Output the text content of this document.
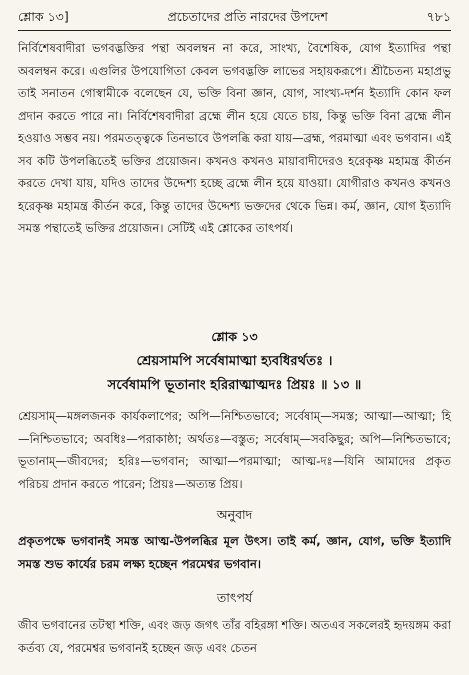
শ্লোক ১৩]	প্রচেতাদের প্রতি নারদের উপদেশ	৭৮১

নির্বিশেষবাদীরা ভগবদ্ভক্তির পন্থা অবলম্বন না করে, সাংখ্য, বৈশেষিক, যোগ ইত্যাদির পন্থা অবলম্বন করে। এগুলির উপযোগিতা কেবল ভগবদ্ভক্তি লাভের সহায়করূপে। শ্রীচৈতন্য মহাপ্রভু তাই সনাতন গোস্বামীকে বলেছেন যে, ভক্তি বিনা জ্ঞান, যোগ, সাংখ্য-দর্শন ইত্যাদি কোন ফল প্রদান করতে পারে না। নির্বিশেষবাদীরা ব্রহ্মে লীন হয়ে যেতে চায়, কিন্তু ভক্তি বিনা ব্রহ্মে লীন হওয়াও সম্ভব নয়। পরমতত্ত্বকে তিনভাবে উপলব্ধি করা যায়—ব্রহ্ম, পরমাত্মা এবং ভগবান। এই সব কটি উপলব্ধিতেই ভক্তির প্রয়োজন। কখনও কখনও মায়াবাদীদেরও হরেকৃষ্ণ মহামন্ত্র কীর্তন করতে দেখা যায়, যদিও তাদের উদ্দেশ্য হচ্ছে ব্রহ্মে লীন হয়ে যাওয়া। যোগীরাও কখনও কখনও হরেকৃষ্ণ মহামন্ত্র কীর্তন করে, কিন্তু তাদের উদ্দেশ্য ভক্তদের থেকে ভিন্ন। কর্ম, জ্ঞান, যোগ ইত্যাদি সমস্ত পন্থাতেই ভক্তির প্রয়োজন। সেটিই এই শ্লোকের তাৎপর্য।

শ্লোক ১৩

শ্রেয়সামপি সর্বেষামাত্মা হ্যবধিরর্থতঃ ।

সর্বেষামপি ভূতানাং হরিরাত্মাত্মদঃ প্রিয়ঃ ॥ ১৩ ॥

শ্রেয়সাম্—মঙ্গলজনক কার্যকলাপের; অপি—নিশ্চিতভাবে; সর্বেষাম্—সমস্ত; আত্মা—আত্মা; হি—নিশ্চিতভাবে; অবধিঃ—পরাকাষ্ঠা; অর্থতঃ—বস্তুত; সর্বেষাম্—সবকিছুর; অপি—নিশ্চিতভাবে; ভূতানাম্—জীবদের; হরিঃ—ভগবান; আত্মা—পরমাত্মা; আত্ম-দঃ—যিনি আমাদের প্রকৃত পরিচয় প্রদান করতে পারেন; প্রিয়ঃ—অত্যন্ত প্রিয়।

অনুবাদ

প্রকৃতপক্ষে ভগবানই সমস্ত আত্ম-উপলব্ধির মূল উৎস। তাই কর্ম, জ্ঞান, যোগ, ভক্তি ইত্যাদি সমস্ত শুভ কার্যের চরম লক্ষ্য হচ্ছেন পরমেশ্বর ভগবান।

তাৎপর্য

জীব ভগবানের তটস্থা শক্তি, এবং জড় জগৎ তাঁর বহিরঙ্গা শক্তি। অতএব সকলেরই হৃদয়ঙ্গম করা কর্তব্য যে, পরমেশ্বর ভগবানই হচ্ছেন জড় এবং চেতন
